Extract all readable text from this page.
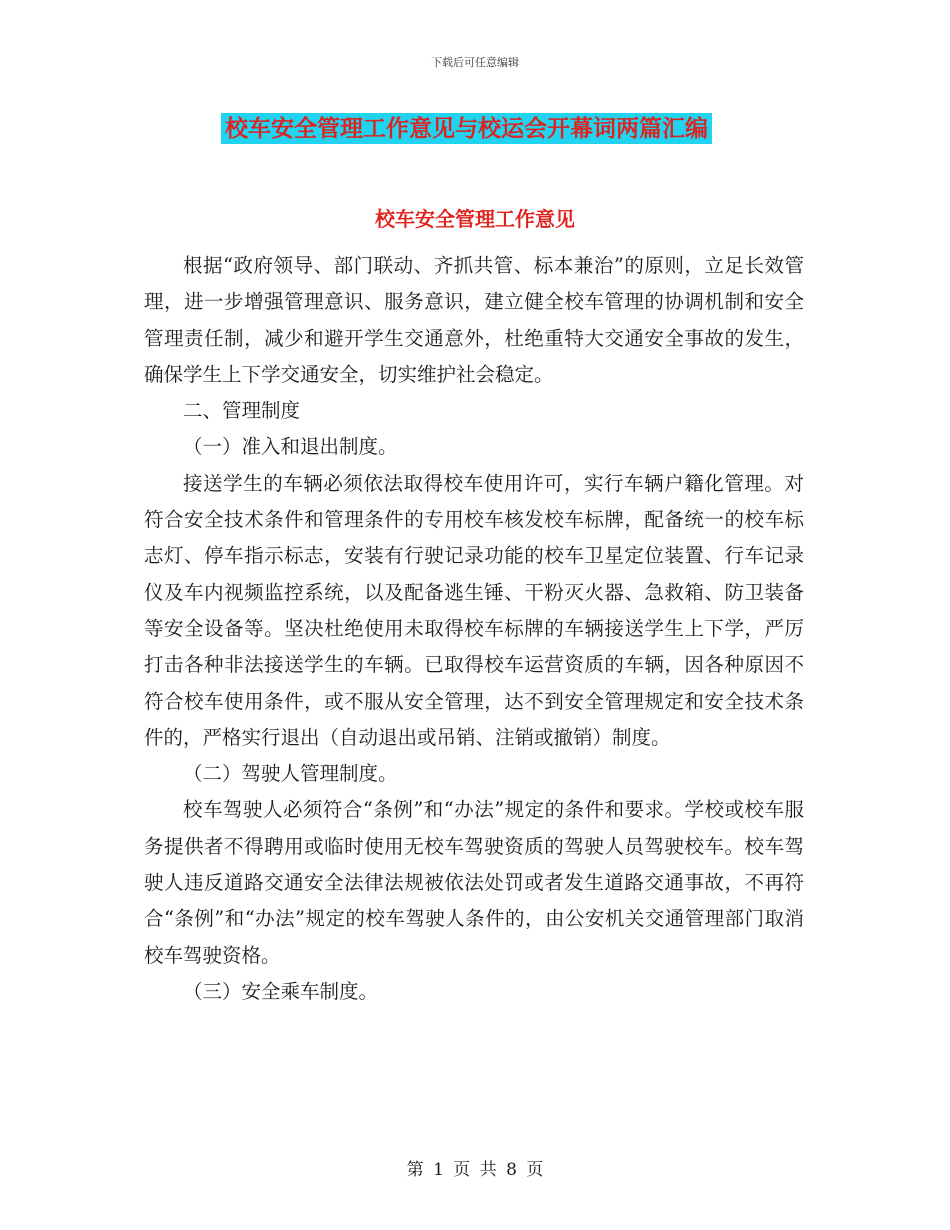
下载后可任意编辑
校车安全管理工作意见与校运会开幕词两篇汇编
校车安全管理工作意见

根据“政府领导、部门联动、齐抓共管、标本兼治”的原则，立足长效管理，进一步增强管理意识、服务意识，建立健全校车管理的协调机制和安全管理责任制，减少和避开学生交通意外，杜绝重特大交通安全事故的发生，确保学生上下学交通安全，切实维护社会稳定。

二、管理制度

（一）准入和退出制度。

接送学生的车辆必须依法取得校车使用许可，实行车辆户籍化管理。对符合安全技术条件和管理条件的专用校车核发校车标牌，配备统一的校车标志灯、停车指示标志，安装有行驶记录功能的校车卫星定位装置、行车记录仪及车内视频监控系统，以及配备逃生锤、干粉灭火器、急救箱、防卫装备等安全设备等。坚决杜绝使用未取得校车标牌的车辆接送学生上下学，严厉打击各种非法接送学生的车辆。已取得校车运营资质的车辆，因各种原因不符合校车使用条件，或不服从安全管理，达不到安全管理规定和安全技术条件的，严格实行退出（自动退出或吊销、注销或撤销）制度。

（二）驾驶人管理制度。

校车驾驶人必须符合“条例”和“办法”规定的条件和要求。学校或校车服务提供者不得聘用或临时使用无校车驾驶资质的驾驶人员驾驶校车。校车驾驶人违反道路交通安全法律法规被依法处罚或者发生道路交通事故，不再符合“条例”和“办法”规定的校车驾驶人条件的，由公安机关交通管理部门取消校车驾驶资格。

（三）安全乘车制度。

第 1 页 共 8 页
